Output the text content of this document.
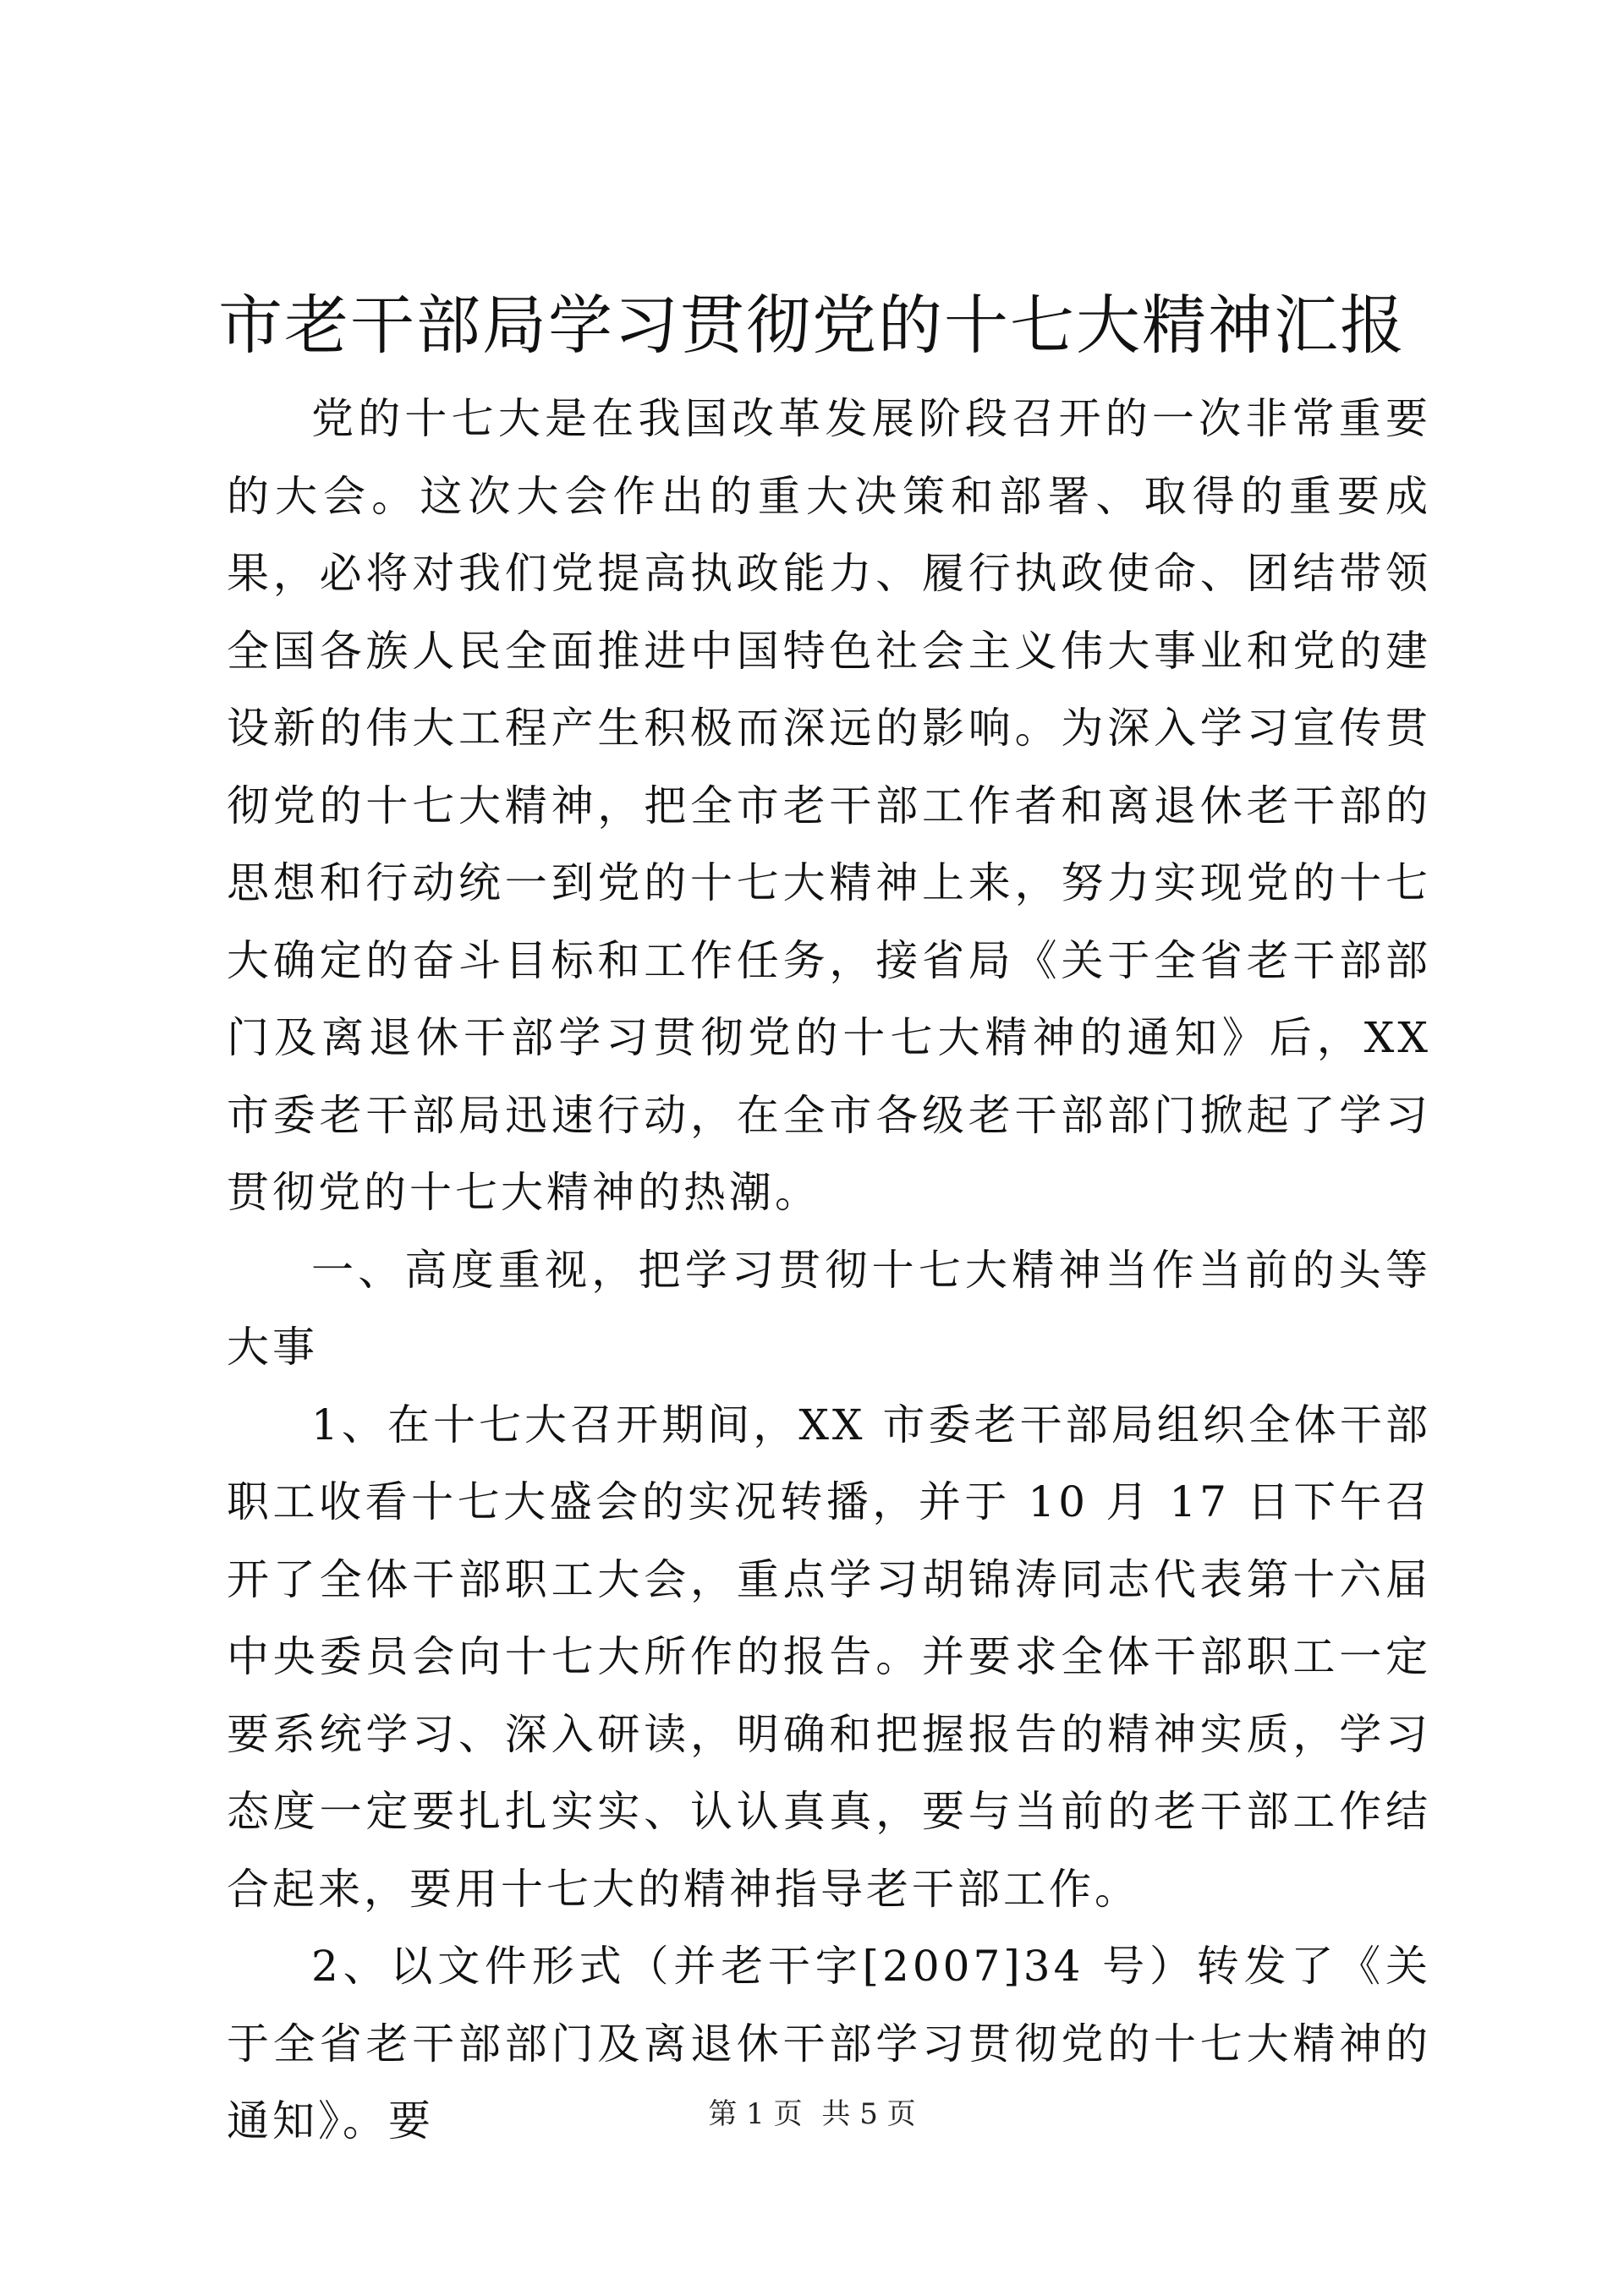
市老干部局学习贯彻党的十七大精神汇报

党的十七大是在我国改革发展阶段召开的一次非常重要的大会。这次大会作出的重大决策和部署、取得的重要成果，必将对我们党提高执政能力、履行执政使命、团结带领全国各族人民全面推进中国特色社会主义伟大事业和党的建设新的伟大工程产生积极而深远的影响。为深入学习宣传贯彻党的十七大精神，把全市老干部工作者和离退休老干部的思想和行动统一到党的十七大精神上来，努力实现党的十七大确定的奋斗目标和工作任务，接省局《关于全省老干部部门及离退休干部学习贯彻党的十七大精神的通知》后，XX 市委老干部局迅速行动，在全市各级老干部部门掀起了学习贯彻党的十七大精神的热潮。

一、高度重视，把学习贯彻十七大精神当作当前的头等大事

1、在十七大召开期间，XX 市委老干部局组织全体干部职工收看十七大盛会的实况转播，并于 10 月 17 日下午召开了全体干部职工大会，重点学习胡锦涛同志代表第十六届中央委员会向十七大所作的报告。并要求全体干部职工一定要系统学习、深入研读，明确和把握报告的精神实质，学习态度一定要扎扎实实、认认真真，要与当前的老干部工作结合起来，要用十七大的精神指导老干部工作。

2、以文件形式（并老干字[2007]34 号）转发了《关于全省老干部部门及离退休干部学习贯彻党的十七大精神的通知》。要	第 1 页 共 5 页
